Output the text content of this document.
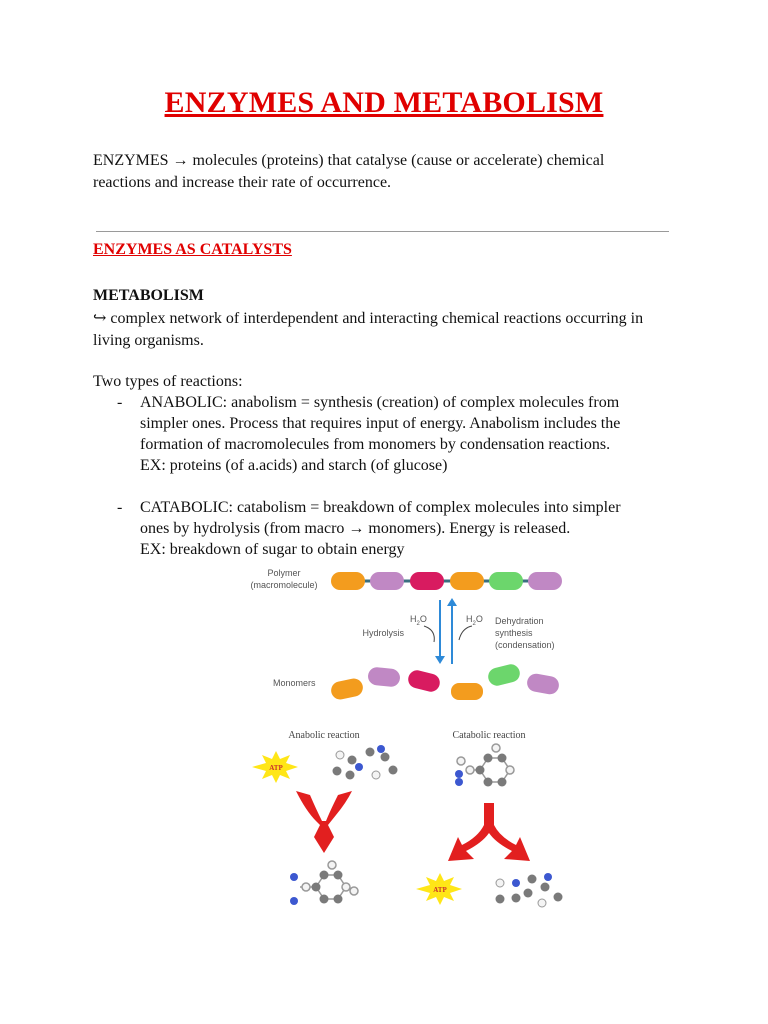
ENZYMES AND METABOLISM
ENZYMES → molecules (proteins) that catalyse (cause or accelerate) chemical
reactions and increase their rate of occurrence.
ENZYMES AS CATALYSTS
METABOLISM
↪ complex network of interdependent and interacting chemical reactions occurring in
living organisms.
Two types of reactions:
- ANABOLIC: anabolism = synthesis (creation) of complex molecules from
simpler ones. Process that requires input of energy. Anabolism includes the
formation of macromolecules from monomers by condensation reactions.
EX: proteins (of a.acids) and starch (of glucose)
- CATABOLIC: catabolism = breakdown of complex molecules into simpler
ones by hydrolysis (from macro → monomers). Energy is released.
EX: breakdown of sugar to obtain energy
Polymer
(macromolecule)
$H_2O$	$H_2O$
Hydrolysis
Dehydration
synthesis
(condensation)
Monomers
Anabolic reaction	Catabolic reaction
ATP
ATP
